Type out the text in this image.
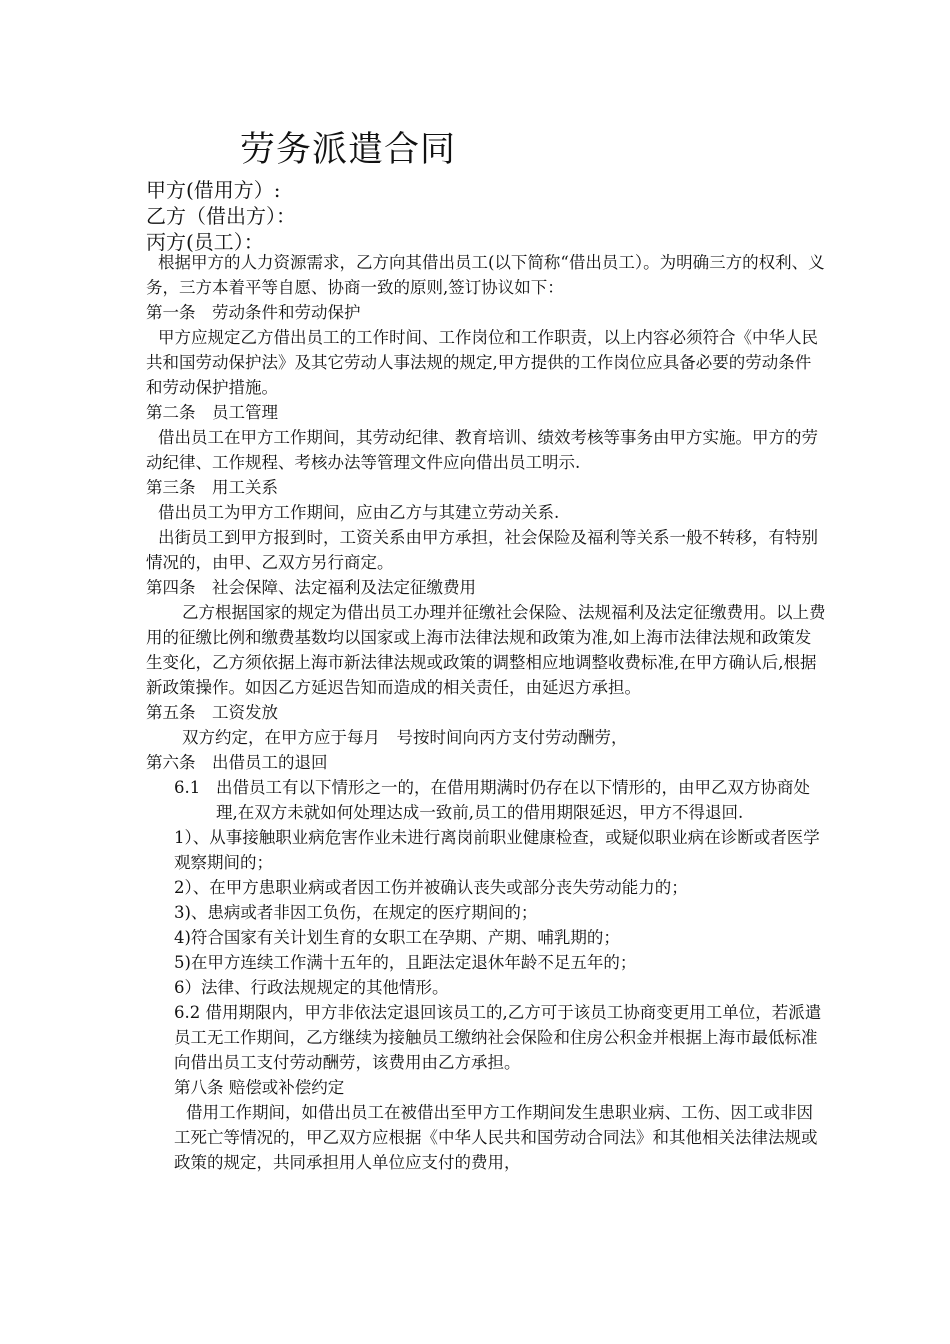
劳务派遣合同
甲方(借用方）:
乙方（借出方）：
丙方(员工）：

根据甲方的人力资源需求，乙方向其借出员工(以下简称“借出员工）。为明确三方的权利、义务，三方本着平等自愿、协商一致的原则,签订协议如下：

第一条　劳动条件和劳动保护

甲方应规定乙方借出员工的工作时间、工作岗位和工作职责，以上内容必须符合《中华人民共和国劳动保护法》及其它劳动人事法规的规定,甲方提供的工作岗位应具备必要的劳动条件和劳动保护措施。

第二条　员工管理

借出员工在甲方工作期间，其劳动纪律、教育培训、绩效考核等事务由甲方实施。甲方的劳动纪律、工作规程、考核办法等管理文件应向借出员工明示.

第三条　用工关系

借出员工为甲方工作期间，应由乙方与其建立劳动关系.

出街员工到甲方报到时，工资关系由甲方承担，社会保险及福利等关系一般不转移，有特别情况的，由甲、乙双方另行商定。

第四条　社会保障、法定福利及法定征缴费用

乙方根据国家的规定为借出员工办理并征缴社会保险、法规福利及法定征缴费用。以上费用的征缴比例和缴费基数均以国家或上海市法律法规和政策为准,如上海市法律法规和政策发生变化，乙方须依据上海市新法律法规或政策的调整相应地调整收费标准,在甲方确认后,根据新政策操作。如因乙方延迟告知而造成的相关责任，由延迟方承担。

第五条　工资发放

双方约定，在甲方应于每月　号按时间向丙方支付劳动酬劳，

第六条　出借员工的退回

6.1 出借员工有以下情形之一的，在借用期满时仍存在以下情形的，由甲乙双方协商处理,在双方未就如何处理达成一致前,员工的借用期限延迟，甲方不得退回.

1）、从事接触职业病危害作业未进行离岗前职业健康检查，或疑似职业病在诊断或者医学观察期间的；

2）、在甲方患职业病或者因工伤并被确认丧失或部分丧失劳动能力的；

3)、患病或者非因工负伤，在规定的医疗期间的；

4)符合国家有关计划生育的女职工在孕期、产期、哺乳期的；

5)在甲方连续工作满十五年的，且距法定退休年龄不足五年的；

6）法律、行政法规规定的其他情形。

6.2 借用期限内，甲方非依法定退回该员工的,乙方可于该员工协商变更用工单位，若派遣员工无工作期间，乙方继续为接触员工缴纳社会保险和住房公积金并根据上海市最低标准向借出员工支付劳动酬劳，该费用由乙方承担。

第八条 赔偿或补偿约定

借用工作期间，如借出员工在被借出至甲方工作期间发生患职业病、工伤、因工或非因工死亡等情况的，甲乙双方应根据《中华人民共和国劳动合同法》和其他相关法律法规或政策的规定，共同承担用人单位应支付的费用，
